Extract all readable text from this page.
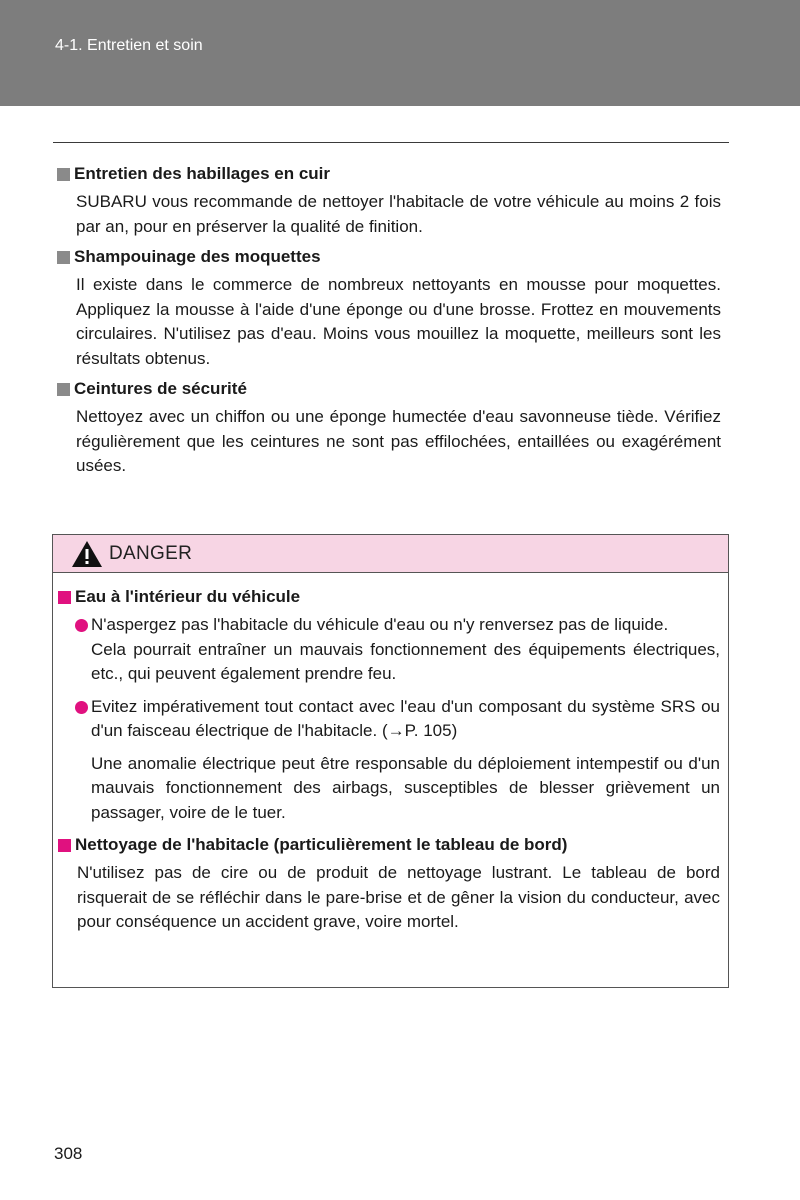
4-1. Entretien et soin

Entretien des habillages en cuir

SUBARU vous recommande de nettoyer l'habitacle de votre véhicule au moins 2 fois par an, pour en préserver la qualité de finition.

Shampouinage des moquettes

Il existe dans le commerce de nombreux nettoyants en mousse pour moquettes. Appliquez la mousse à l'aide d'une éponge ou d'une brosse. Frottez en mouvements circulaires. N'utilisez pas d'eau. Moins vous mouillez la moquette, meilleurs sont les résultats obtenus.

Ceintures de sécurité

Nettoyez avec un chiffon ou une éponge humectée d'eau savonneuse tiède. Vérifiez régulièrement que les ceintures ne sont pas effilochées, entaillées ou exagérément usées.

DANGER

Eau à l'intérieur du véhicule

N'aspergez pas l'habitacle du véhicule d'eau ou n'y renversez pas de liquide.

Cela pourrait entraîner un mauvais fonctionnement des équipements électriques, etc., qui peuvent également prendre feu.

Evitez impérativement tout contact avec l'eau d'un composant du système SRS ou d'un faisceau électrique de l'habitacle. (→P. 105)

Une anomalie électrique peut être responsable du déploiement intempestif ou d'un mauvais fonctionnement des airbags, susceptibles de blesser grièvement un passager, voire de le tuer.

Nettoyage de l'habitacle (particulièrement le tableau de bord)

N'utilisez pas de cire ou de produit de nettoyage lustrant. Le tableau de bord risquerait de se réfléchir dans le pare-brise et de gêner la vision du conducteur, avec pour conséquence un accident grave, voire mortel.

308
